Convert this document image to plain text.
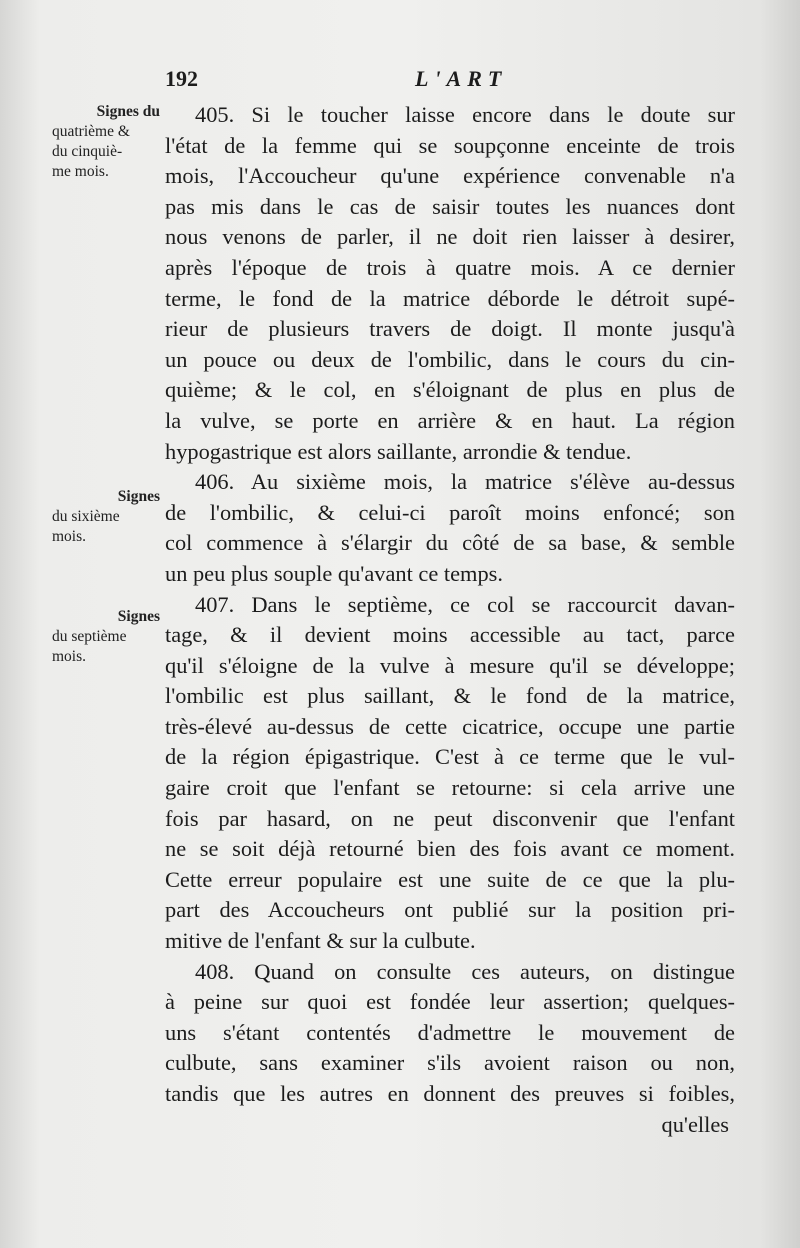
192	L'ART
Signes du
quatrième &
du cinquiè-
me mois.
Signes
du sixième
mois.
Signes
du septième
mois.
405. Si le toucher laisse encore dans le doute sur
l'état de la femme qui se soupçonne enceinte de trois
mois, l'Accoucheur qu'une expérience convenable n'a
pas mis dans le cas de saisir toutes les nuances dont
nous venons de parler, il ne doit rien laisser à desirer,
après l'époque de trois à quatre mois. A ce dernier
terme, le fond de la matrice déborde le détroit supé-
rieur de plusieurs travers de doigt. Il monte jusqu'à
un pouce ou deux de l'ombilic, dans le cours du cin-
quième; & le col, en s'éloignant de plus en plus de
la vulve, se porte en arrière & en haut. La région
hypogastrique est alors saillante, arrondie & tendue.
406. Au sixième mois, la matrice s'élève au-dessus
de l'ombilic, & celui-ci paroît moins enfoncé; son
col commence à s'élargir du côté de sa base, & semble
un peu plus souple qu'avant ce temps.
407. Dans le septième, ce col se raccourcit davan-
tage, & il devient moins accessible au tact, parce
qu'il s'éloigne de la vulve à mesure qu'il se développe;
l'ombilic est plus saillant, & le fond de la matrice,
très-élevé au-dessus de cette cicatrice, occupe une partie
de la région épigastrique. C'est à ce terme que le vul-
gaire croit que l'enfant se retourne: si cela arrive une
fois par hasard, on ne peut disconvenir que l'enfant
ne se soit déjà retourné bien des fois avant ce moment.
Cette erreur populaire est une suite de ce que la plu-
part des Accoucheurs ont publié sur la position pri-
mitive de l'enfant & sur la culbute.
408. Quand on consulte ces auteurs, on distingue
à peine sur quoi est fondée leur assertion; quelques-
uns s'étant contentés d'admettre le mouvement de
culbute, sans examiner s'ils avoient raison ou non,
tandis que les autres en donnent des preuves si foibles,
qu'elles
